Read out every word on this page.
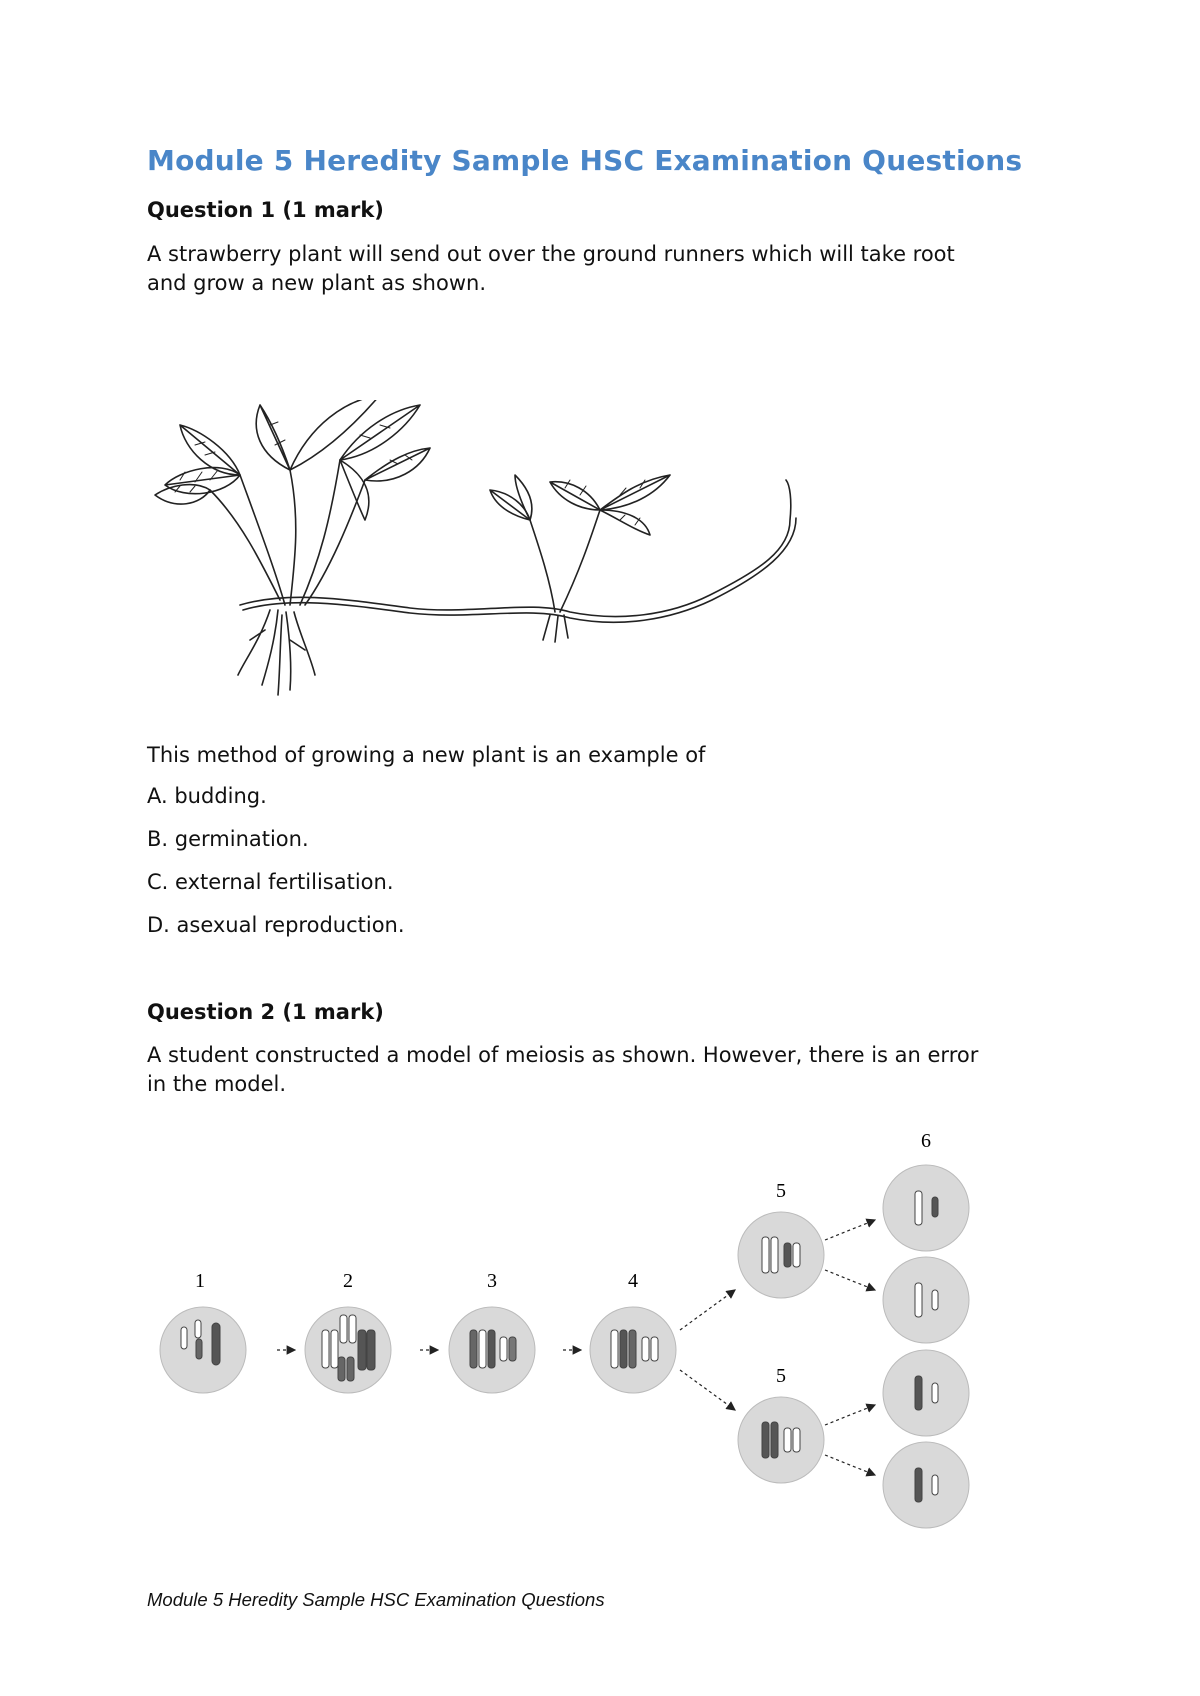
Module 5 Heredity Sample HSC Examination Questions
Question 1 (1 mark)
A strawberry plant will send out over the ground runners which will take root
and grow a new plant as shown.
This method of growing a new plant is an example of
A. budding.
B. germination.
C. external fertilisation.
D. asexual reproduction.
Question 2 (1 mark)
A student constructed a model of meiosis as shown. However, there is an error
in the model.
1	2	3	4
5
5
6
Module 5 Heredity Sample HSC Examination Questions
